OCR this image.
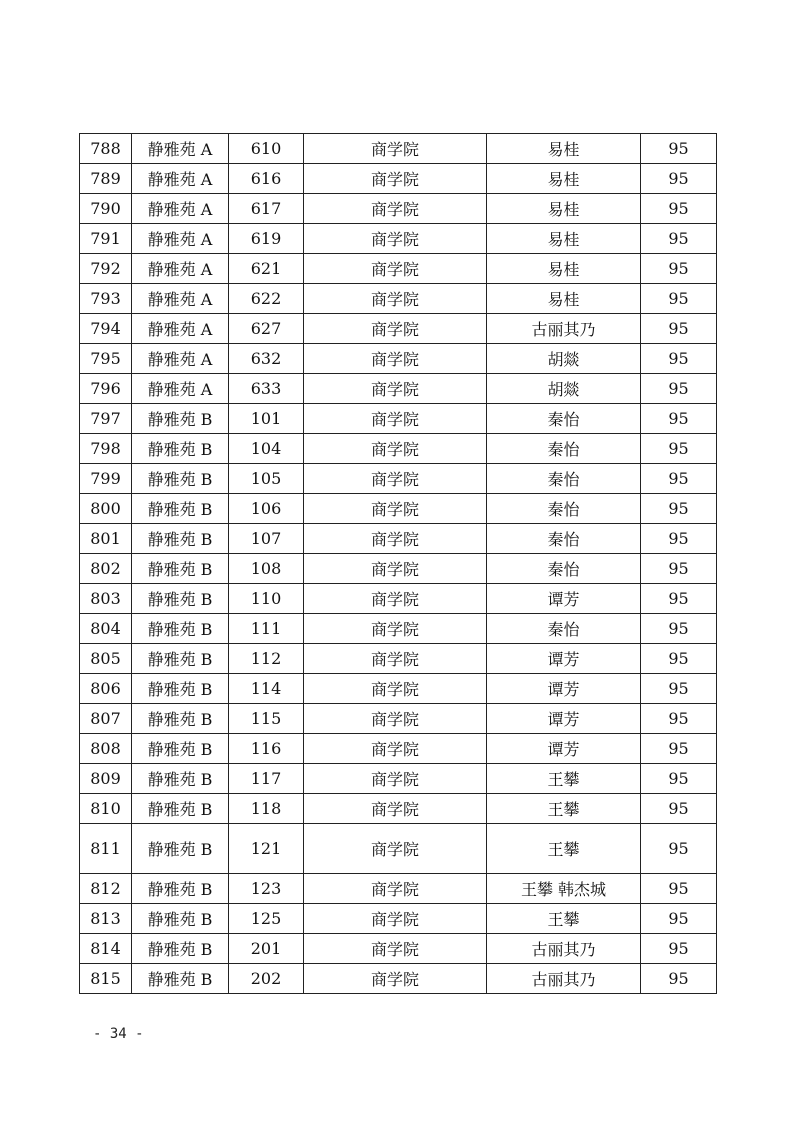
788	静雅苑 A	610	商学院	易桂	95
789	静雅苑 A	616	商学院	易桂	95
790	静雅苑 A	617	商学院	易桂	95
791	静雅苑 A	619	商学院	易桂	95
792	静雅苑 A	621	商学院	易桂	95
793	静雅苑 A	622	商学院	易桂	95
794	静雅苑 A	627	商学院	古丽其乃	95
795	静雅苑 A	632	商学院	胡燚	95
796	静雅苑 A	633	商学院	胡燚	95
797	静雅苑 B	101	商学院	秦怡	95
798	静雅苑 B	104	商学院	秦怡	95
799	静雅苑 B	105	商学院	秦怡	95
800	静雅苑 B	106	商学院	秦怡	95
801	静雅苑 B	107	商学院	秦怡	95
802	静雅苑 B	108	商学院	秦怡	95
803	静雅苑 B	110	商学院	谭芳	95
804	静雅苑 B	111	商学院	秦怡	95
805	静雅苑 B	112	商学院	谭芳	95
806	静雅苑 B	114	商学院	谭芳	95
807	静雅苑 B	115	商学院	谭芳	95
808	静雅苑 B	116	商学院	谭芳	95
809	静雅苑 B	117	商学院	王攀	95
810	静雅苑 B	118	商学院	王攀	95
811	静雅苑 B	121	商学院	王攀	95
812	静雅苑 B	123	商学院	王攀 韩杰城	95
813	静雅苑 B	125	商学院	王攀	95
814	静雅苑 B	201	商学院	古丽其乃	95
815	静雅苑 B	202	商学院	古丽其乃	95
- 34 -
